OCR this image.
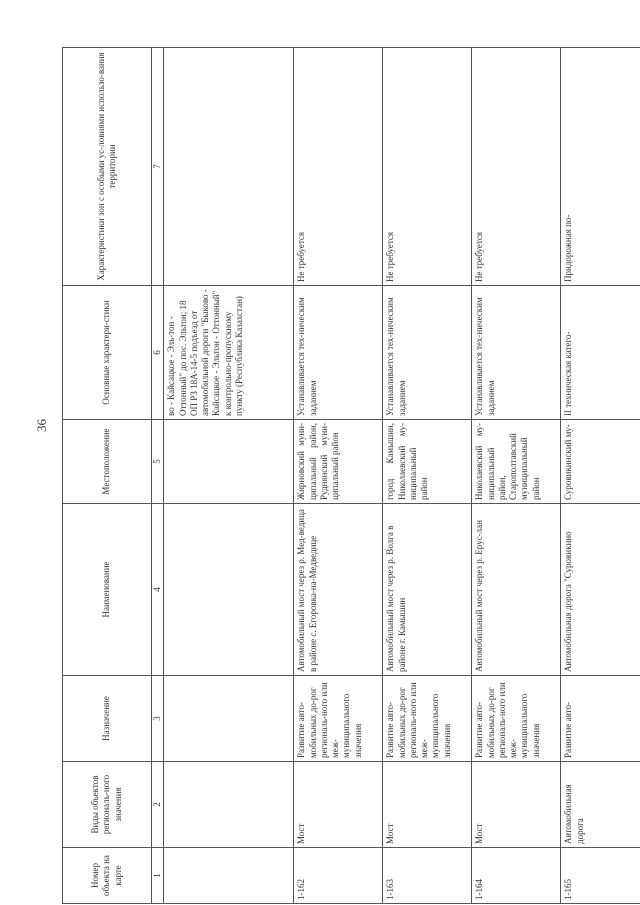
36
Номер объекта на карте	Виды объектов региональ-ного значения	Назначение	Наименование	Местоположение	Основные характери-стики	Характеристики зон с особыми ус-ловиями использо-вания территории
1	2	3	4	5	6	7
					во - Кайсацкое - Эль-тон - Оттонный" до пос. Эльтон; 18 ОП РЗ 18А-14-5 подъезд от автомобильной дороги "Быково - Кайсацкое - Эльтон - Оттонный" к контрольно-пропускному пункту (Республика Казахстан)	
1-162	Мост	Развитие авто-мобильных до-рог региональ-ного или меж-муниципального значения	Автомобильный мост через р. Мед-ведица в районе с. Егоровка-на-Медведице	Жирновский муни-ципальный район, Руднянский муни-ципальный район	Устанавливается тех-ническим заданием	Не требуется
1-163	Мост	Развитие авто-мобильных до-рог региональ-ного или меж-муниципального значения	Автомобильный мост через р. Волга в районе г. Камышин	город Камышин, Николаевский му-ниципальный район	Устанавливается тех-ническим заданием	Не требуется
1-164	Мост	Развитие авто-мобильных до-рог региональ-ного или меж-муниципального значения	Автомобильный мост через р. Ерус-лан	Николаевский му-ниципальный район, Старополтавский муниципальный район	Устанавливается тех-ническим заданием	Не требуется
1-165	Автомобильная дорога	Развитие авто-	Автомобильная дорога "Суровикино	Суровикинский му-	II техническая катего-	Придорожная по-
